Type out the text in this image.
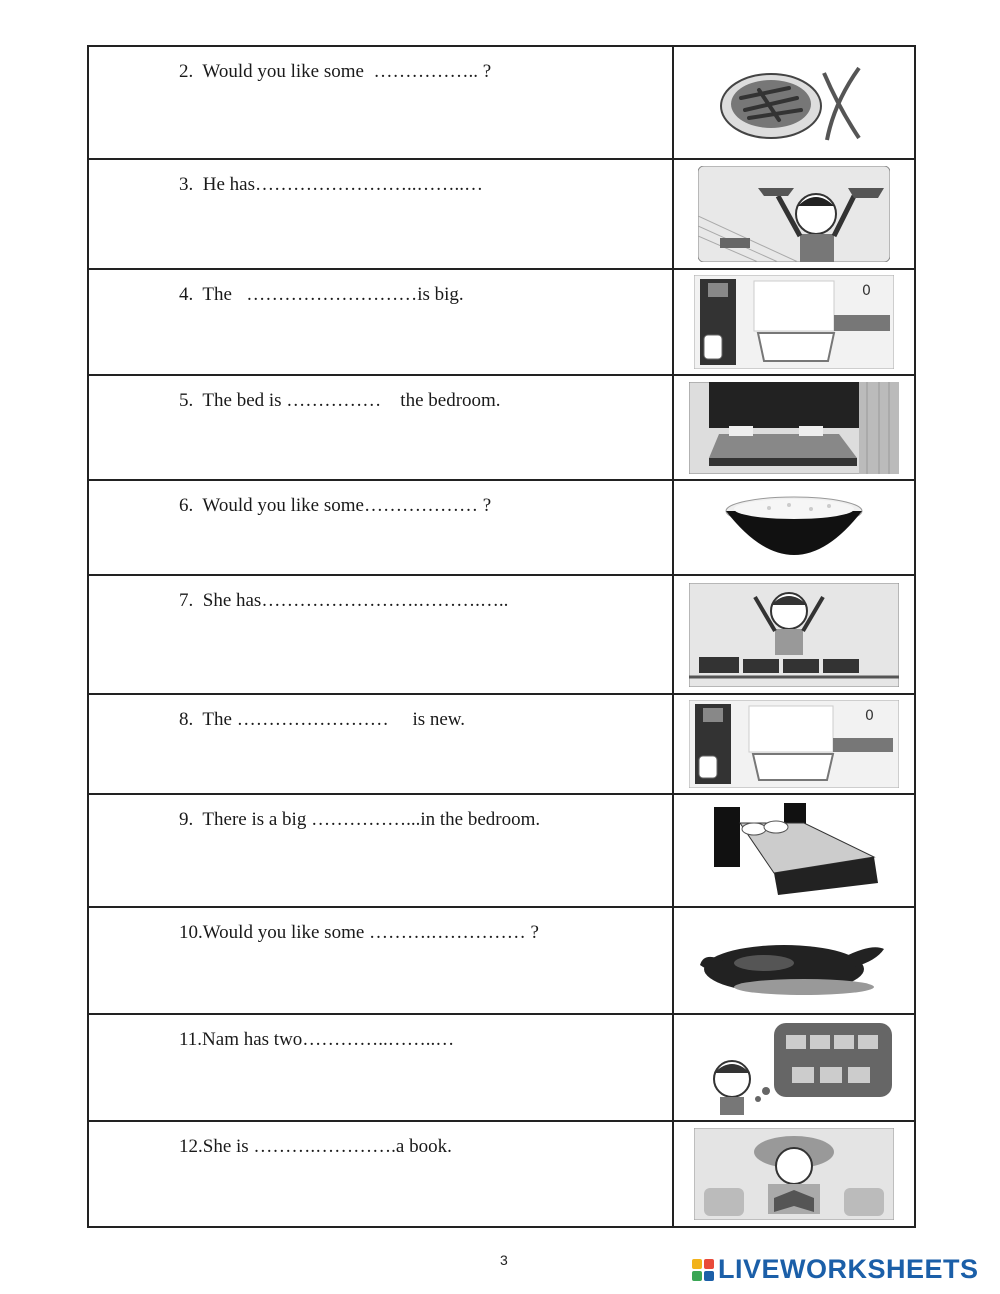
2.  Would you like some  …………….. ?
3.  He has……………………..……..…
4.  The   ………………………is big.	0
5.  The bed is ……………    the bedroom.
6.  Would you like some……………… ?
7.  She has…………………….……….…..
8.  The ……………………     is new.	0
9.  There is a big ……………...in the bedroom.
10.Would you like some ……….…………… ?
11.Nam has two…………..……..…
12.She is ……….………….a book.
3	LIVEWORKSHEETS
